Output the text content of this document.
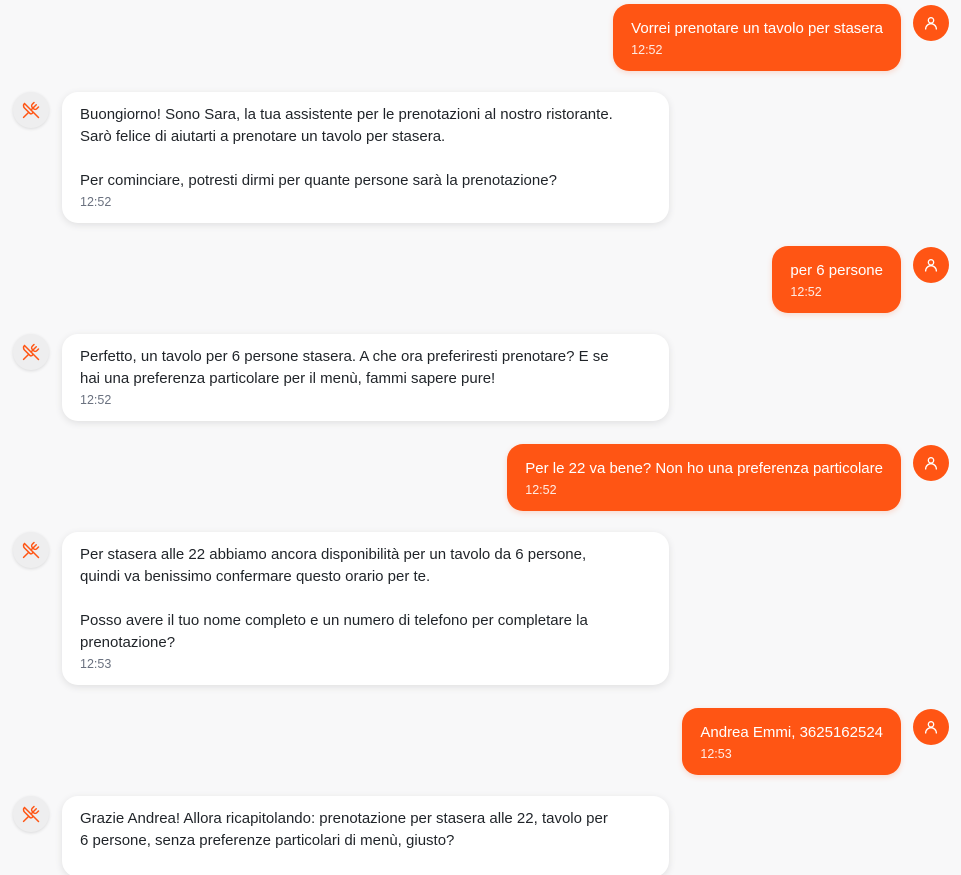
Vorrei prenotare un tavolo per stasera
12:52
Buongiorno! Sono Sara, la tua assistente per le prenotazioni al nostro ristorante.
Sarò felice di aiutarti a prenotare un tavolo per stasera.

Per cominciare, potresti dirmi per quante persone sarà la prenotazione?
12:52
per 6 persone
12:52
Perfetto, un tavolo per 6 persone stasera. A che ora preferiresti prenotare? E se
hai una preferenza particolare per il menù, fammi sapere pure!
12:52
Per le 22 va bene? Non ho una preferenza particolare
12:52
Per stasera alle 22 abbiamo ancora disponibilità per un tavolo da 6 persone,
quindi va benissimo confermare questo orario per te.

Posso avere il tuo nome completo e un numero di telefono per completare la
prenotazione?
12:53
Andrea Emmi, 3625162524
12:53
Grazie Andrea! Allora ricapitolando: prenotazione per stasera alle 22, tavolo per
6 persone, senza preferenze particolari di menù, giusto?
